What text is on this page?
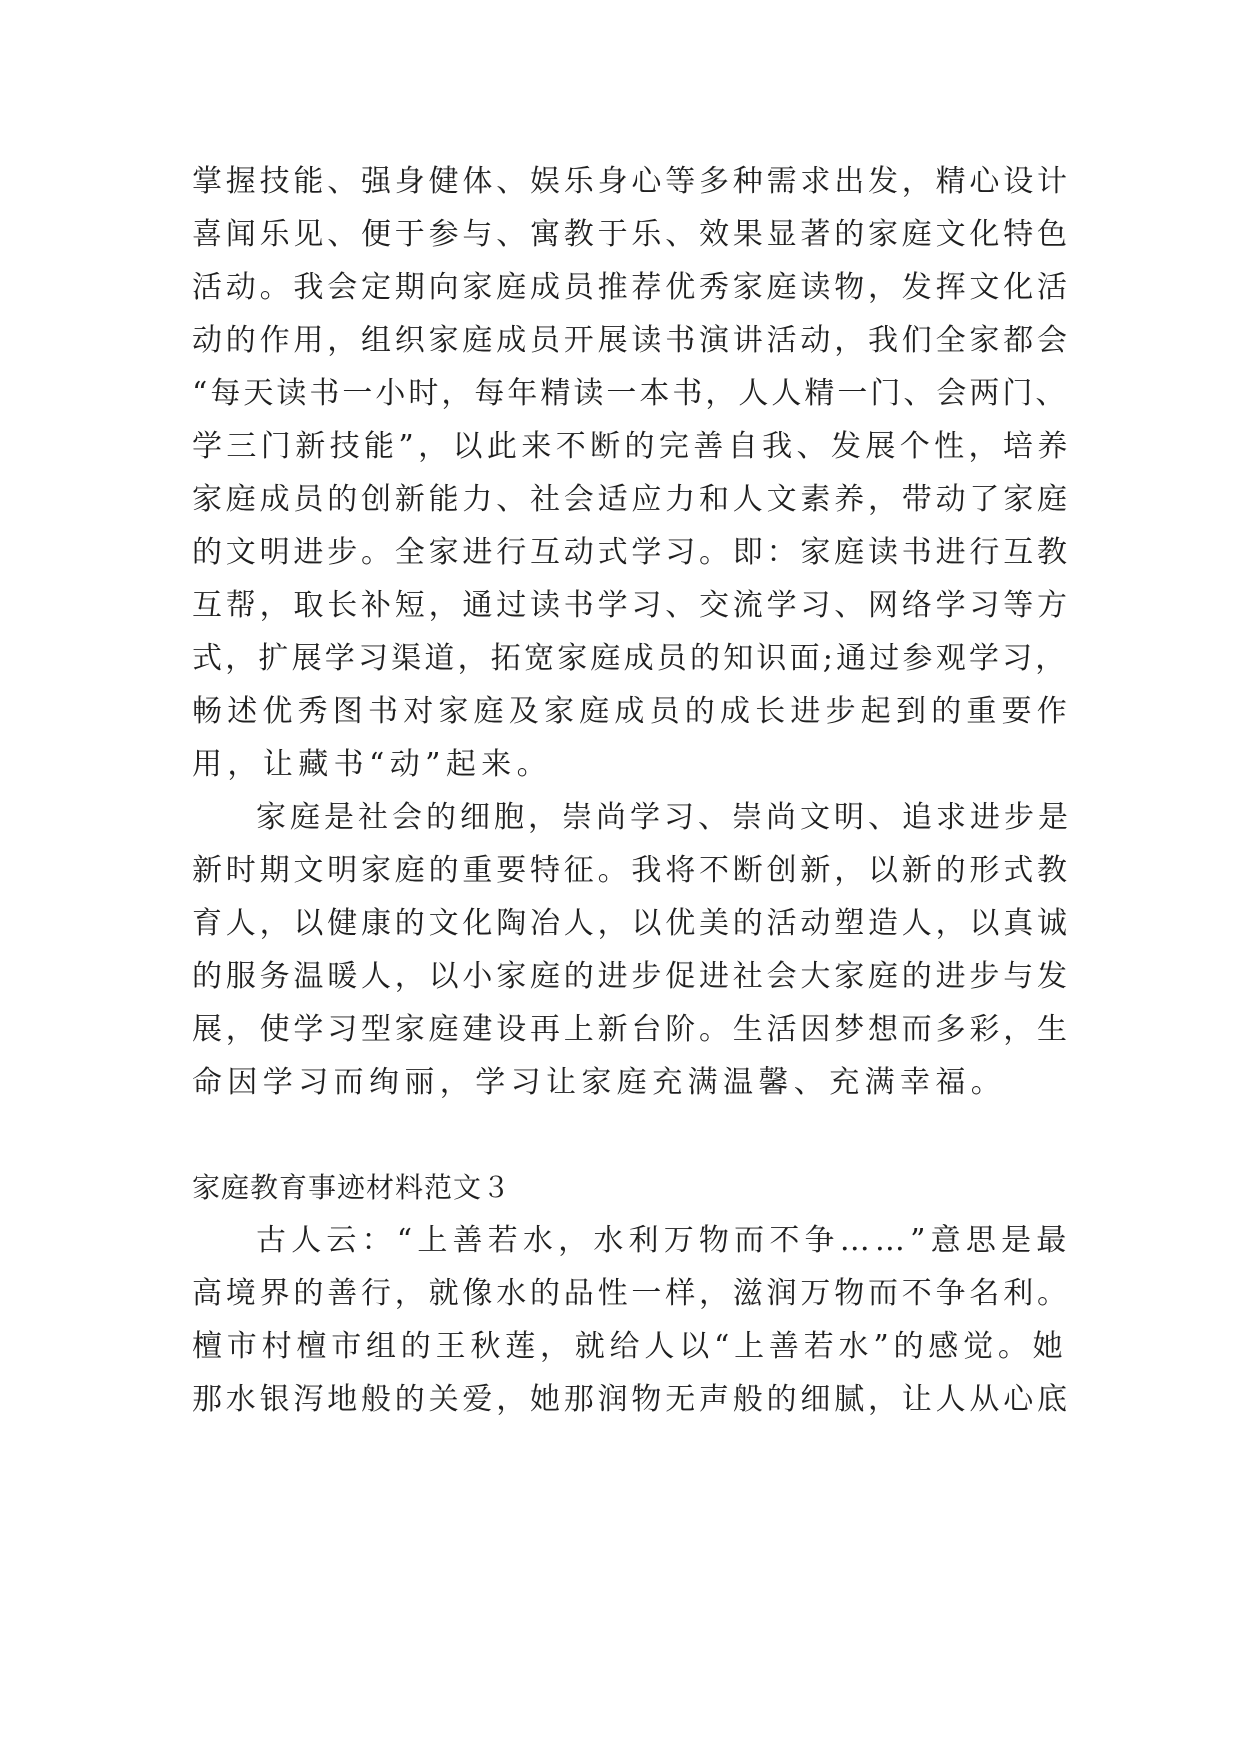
掌握技能、强身健体、娱乐身心等多种需求出发，精心设计
喜闻乐见、便于参与、寓教于乐、效果显著的家庭文化特色
活动。我会定期向家庭成员推荐优秀家庭读物，发挥文化活
动的作用，组织家庭成员开展读书演讲活动，我们全家都会
“每天读书一小时，每年精读一本书，人人精一门、会两门、
学三门新技能”，以此来不断的完善自我、发展个性，培养
家庭成员的创新能力、社会适应力和人文素养，带动了家庭
的文明进步。全家进行互动式学习。即：家庭读书进行互教
互帮，取长补短，通过读书学习、交流学习、网络学习等方
式，扩展学习渠道，拓宽家庭成员的知识面;通过参观学习，
畅述优秀图书对家庭及家庭成员的成长进步起到的重要作
用，让藏书“动”起来。
家庭是社会的细胞，崇尚学习、崇尚文明、追求进步是
新时期文明家庭的重要特征。我将不断创新，以新的形式教
育人，以健康的文化陶冶人，以优美的活动塑造人，以真诚
的服务温暖人，以小家庭的进步促进社会大家庭的进步与发
展，使学习型家庭建设再上新台阶。生活因梦想而多彩，生
命因学习而绚丽，学习让家庭充满温馨、充满幸福。
家庭教育事迹材料范文３
古人云：“上善若水，水利万物而不争……”意思是最
高境界的善行，就像水的品性一样，滋润万物而不争名利。
檀市村檀市组的王秋莲，就给人以“上善若水”的感觉。她
那水银泻地般的关爱，她那润物无声般的细腻，让人从心底
